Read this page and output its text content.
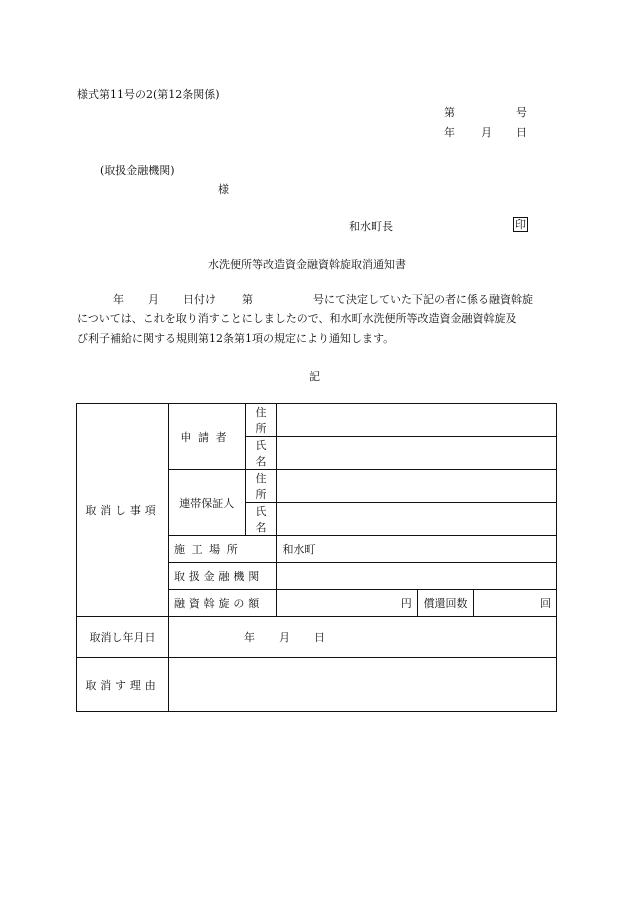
様式第11号の2(第12条関係)
第	号
年 月 日
(取扱金融機関)
様
和水町長	印
水洗便所等改造資金融資斡旋取消通知書
年 月 日付け 第	号にて決定していた下記の者に係る融資斡旋
については、これを取り消すことにしましたので、和水町水洗便所等改造資金融資斡旋及
び利子補給に関する規則第12条第1項の規定により通知します。
記
取消し事項	申請者	住所			
		氏名			
	連帯保証人	住所			
		氏名			
	施工場所		和水町		
	取扱金融機関				
	融資斡旋の額		円	償還回数	回
取消し年月日	年 月 日				
取消す理由					
